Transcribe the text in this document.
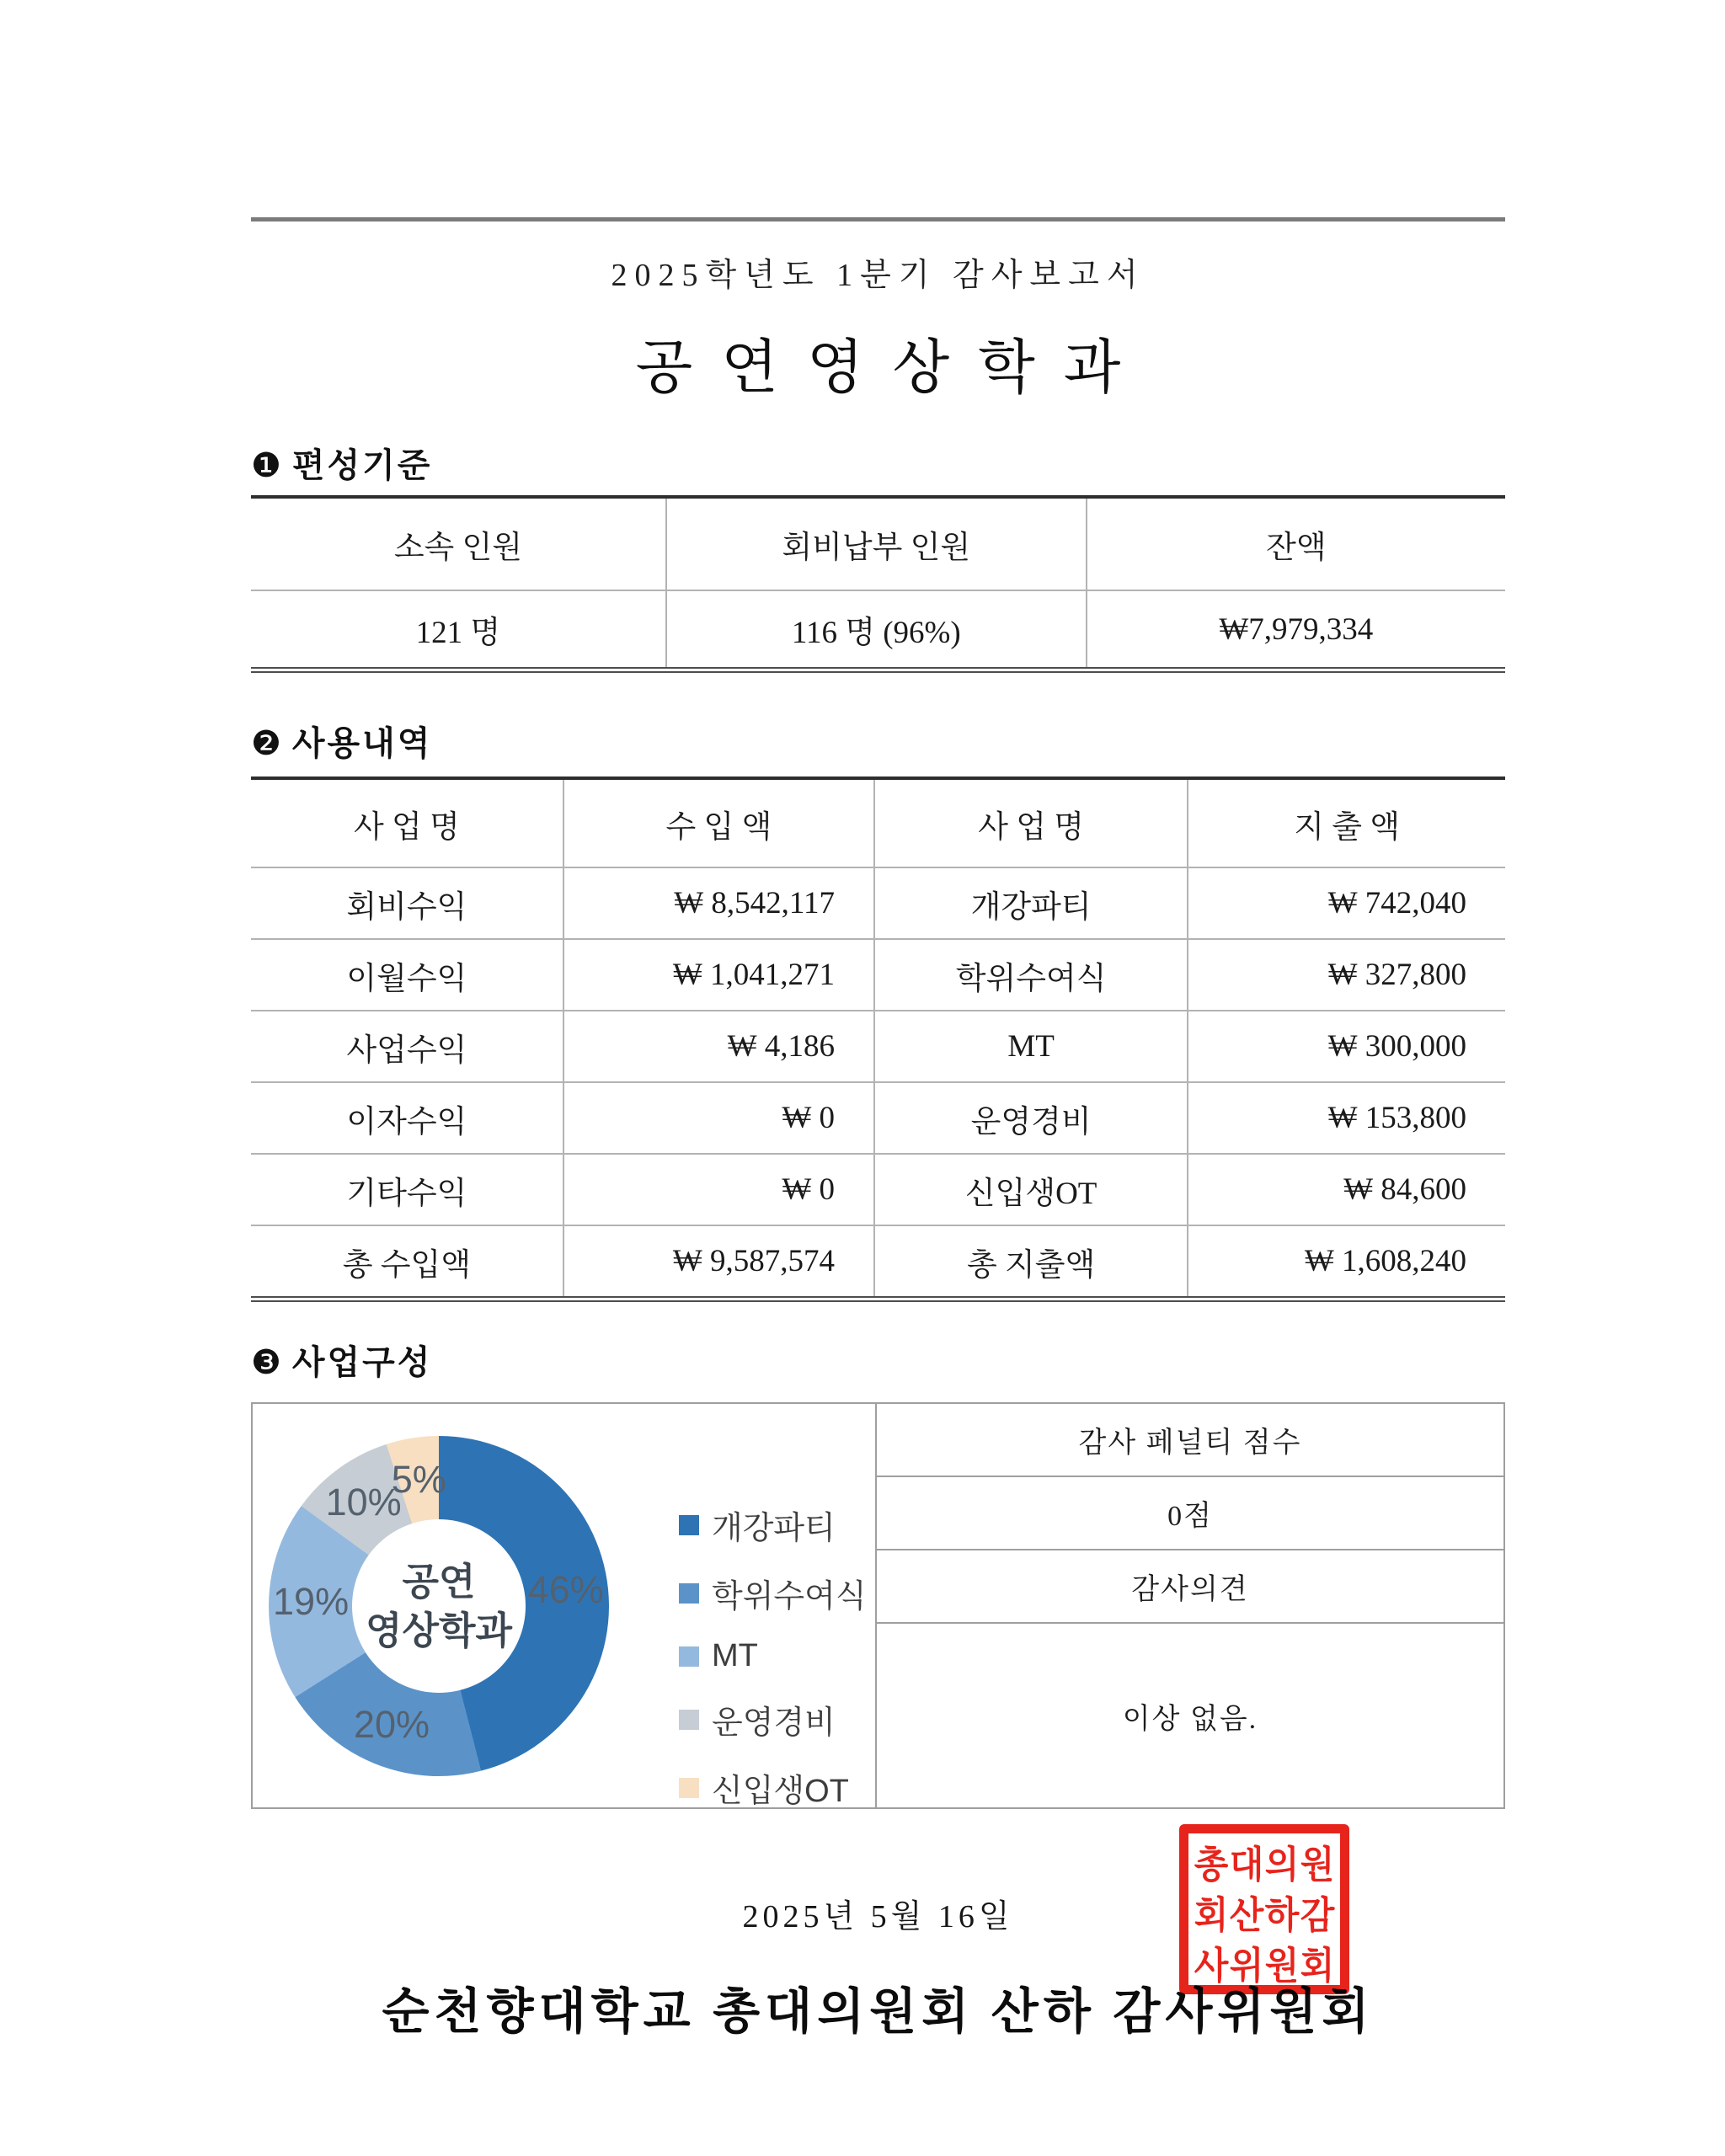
2025학년도 1분기 감사보고서
공연영상학과
❶ 편성기준
소속 인원	회비납부 인원	잔액
121 명	116 명 (96%)	₩7,979,334
❷ 사용내역
사 업 명	수 입 액	사 업 명	지 출 액
회비수익	₩ 8,542,117	개강파티	₩ 742,040
이월수익	₩ 1,041,271	학위수여식	₩ 327,800
사업수익	₩ 4,186	MT	₩ 300,000
이자수익	₩ 0	운영경비	₩ 153,800
기타수익	₩ 0	신입생OT	₩ 84,600
총 수입액	₩ 9,587,574	총 지출액	₩ 1,608,240
❸ 사업구성
공연
영상학과
개강파티
학위수여식
MT
운영경비
신입생OT
46%
20%
19%
10%
5%
감사 페널티 점수
0점
감사의견
이상 없음.
2025년 5월 16일
순천향대학교 총대의원회 산하 감사위원회
총 대 의 원
회 산 하 감
사 위 원 회
